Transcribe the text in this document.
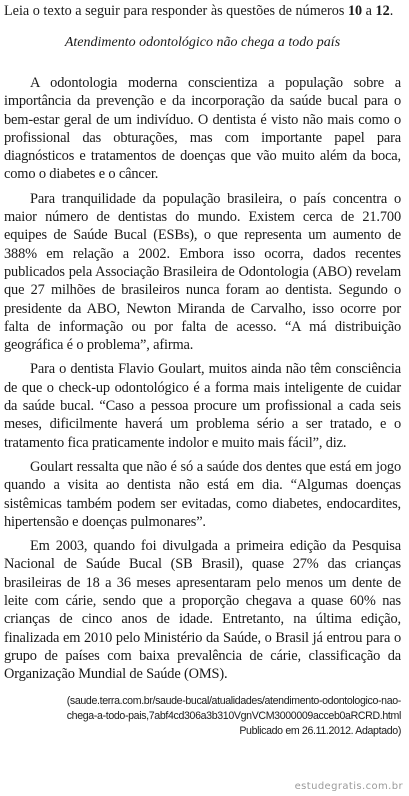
Leia o texto a seguir para responder às questões de números 10 a 12.

Atendimento odontológico não chega a todo país

A odontologia moderna conscientiza a população sobre a importância da prevenção e da incorporação da saúde bucal para o bem-estar geral de um indivíduo. O dentista é visto não mais como o profissional das obturações, mas com importante papel para diagnósticos e tratamentos de doenças que vão muito além da boca, como o diabetes e o câncer.

Para tranquilidade da população brasileira, o país concentra o maior número de dentistas do mundo. Existem cerca de 21.700 equipes de Saúde Bucal (ESBs), o que representa um aumento de 388% em relação a 2002. Embora isso ocorra, dados recentes publicados pela Associação Brasileira de Odontologia (ABO) revelam que 27 milhões de brasileiros nunca foram ao dentista. Segundo o presidente da ABO, Newton Miranda de Carvalho, isso ocorre por falta de informação ou por falta de acesso. “A má distribuição geográfica é o problema”, afirma.

Para o dentista Flavio Goulart, muitos ainda não têm consciência de que o check-up odontológico é a forma mais inteligente de cuidar da saúde bucal. “Caso a pessoa procure um profissional a cada seis meses, dificilmente haverá um problema sério a ser tratado, e o tratamento fica praticamente indolor e muito mais fácil”, diz.

Goulart ressalta que não é só a saúde dos dentes que está em jogo quando a visita ao dentista não está em dia. “Algumas doenças sistêmicas também podem ser evitadas, como diabetes, endocardites, hipertensão e doenças pulmonares”.

Em 2003, quando foi divulgada a primeira edição da Pesquisa Nacional de Saúde Bucal (SB Brasil), quase 27% das crianças brasileiras de 18 a 36 meses apresentaram pelo menos um dente de leite com cárie, sendo que a proporção chegava a quase 60% nas crianças de cinco anos de idade. Entretanto, na última edição, finalizada em 2010 pelo Ministério da Saúde, o Brasil já entrou para o grupo de países com baixa prevalência de cárie, classificação da Organização Mundial de Saúde (OMS).

(saude.terra.com.br/saude-bucal/atualidades/atendimento-odontologico-nao-
chega-a-todo-pais,7abf4cd306a3b310VgnVCM3000009acceb0aRCRD.html
Publicado em 26.11.2012. Adaptado)

estudegratis.com.br
